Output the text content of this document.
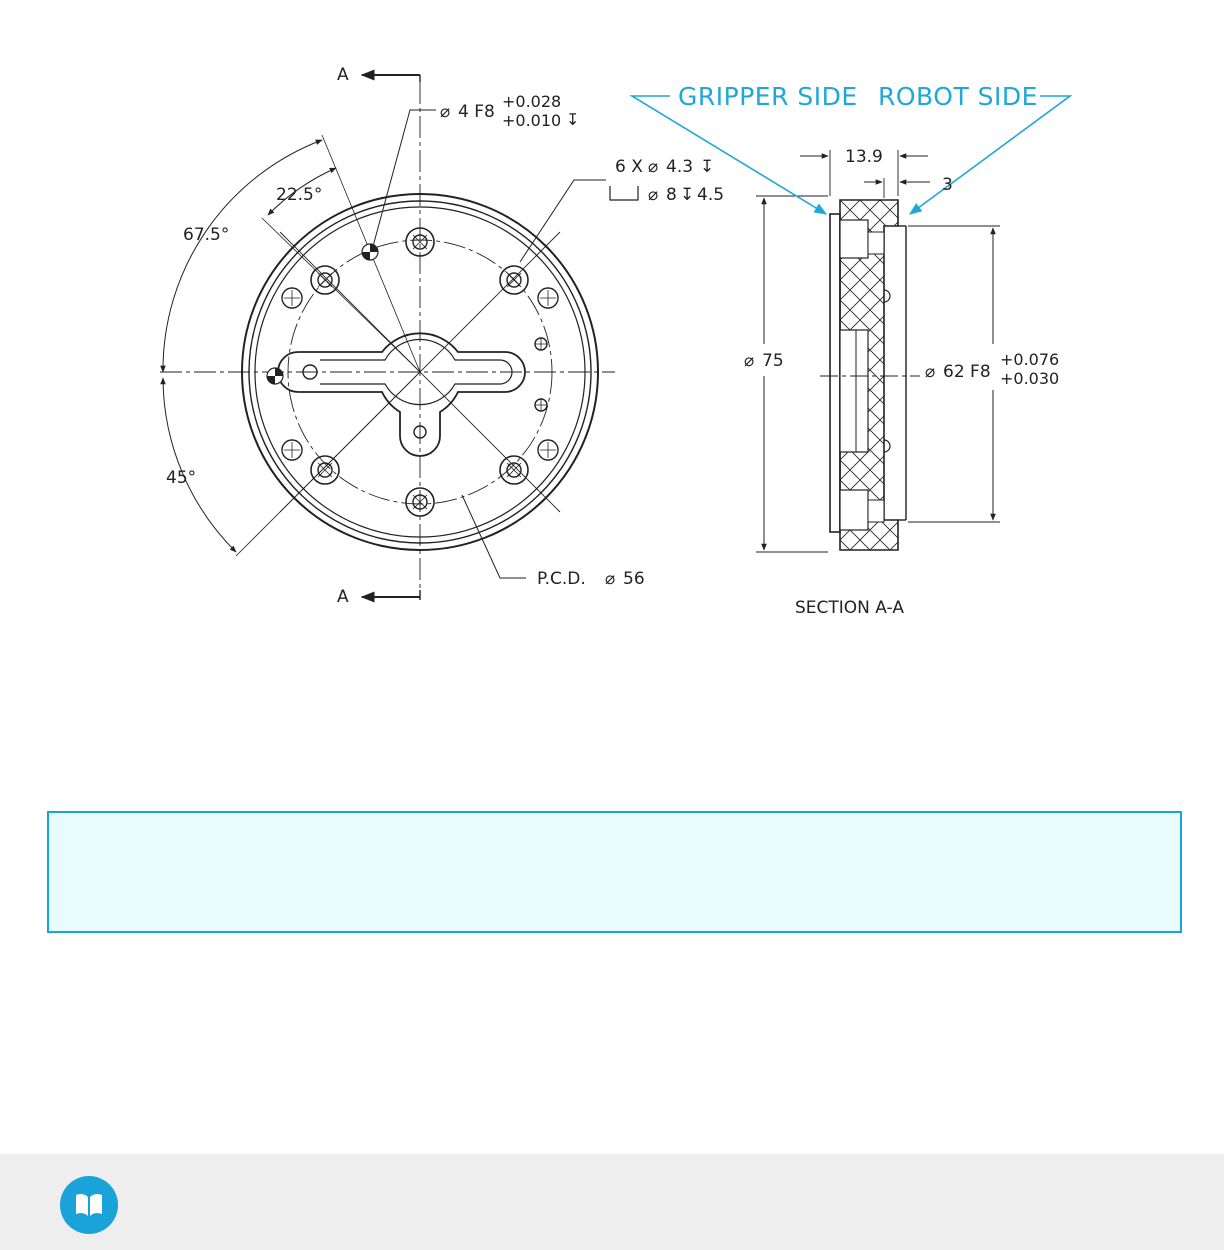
A
A
⌀ 4 F8
+0.028
+0.010 ↧
6 X ⌀ 4.3 ↧
⌀ 8 ↧ 4.5
22.5°
67.5°
45°
P.C.D. ⌀ 56
GRIPPER SIDE ROBOT SIDE
13.9
3
⌀ 75
⌀ 62 F8
+0.076
+0.030
SECTION A-A
